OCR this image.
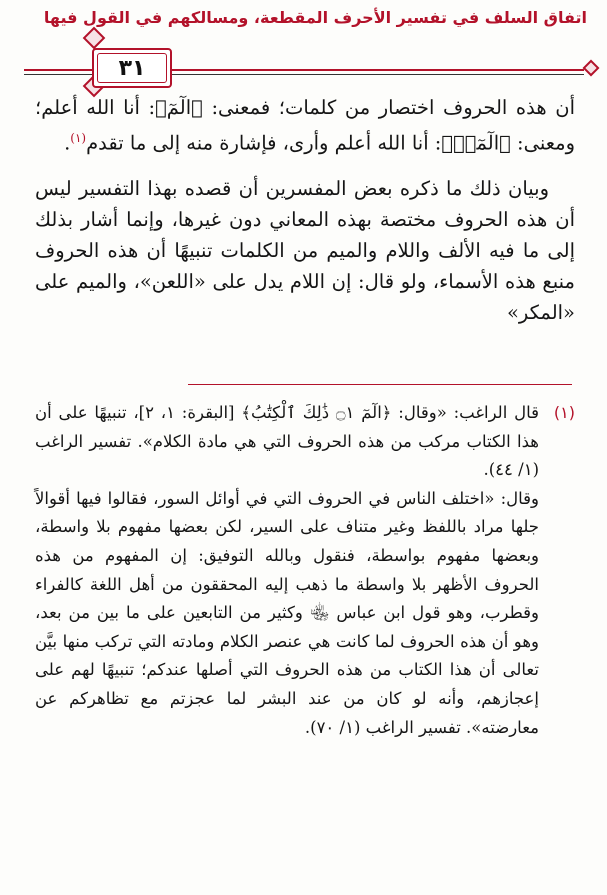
اتفاق السلف في تفسير الأحرف المقطعة، ومسالكهم في القول فيها
٣١

أن هذه الحروف اختصار من كلمات؛ فمعنى: ﴿الٓمٓ﴾: أنا الله أعلم؛ ومعنى: ﴿الٓمٓرۚ﴾: أنا الله أعلم وأرى، فإشارة منه إلى ما تقدم$^{(١)}$.

وبيان ذلك ما ذكره بعض المفسرين أن قصده بهذا التفسير ليس أن هذه الحروف مختصة بهذه المعاني دون غيرها، وإنما أشار بذلك إلى ما فيه الألف واللام والميم من الكلمات تنبيهًا أن هذه الحروف منبع هذه الأسماء، ولو قال: إن اللام يدل على «اللعن»، والميم على «المكر»

(١)

قال الراغب: «وقال: ﴿الٓمٓ ۝١ ذَٰلِكَ ٱلْكِتَٰبُ﴾ [البقرة: ١، ٢]، تنبيهًا على أن هذا الكتاب مركب من هذه الحروف التي هي مادة الكلام». تفسير الراغب (١/ ٤٤).

وقال: «اختلف الناس في الحروف التي في أوائل السور، فقالوا فيها أقوالاً جلها مراد باللفظ وغير متناف على السير، لكن بعضها مفهوم بلا واسطة، وبعضها مفهوم بواسطة، فنقول وبالله التوفيق: إن المفهوم من هذه الحروف الأظهر بلا واسطة ما ذهب إليه المحققون من أهل اللغة كالفراء وقطرب، وهو قول ابن عباس ﵄ وكثير من التابعين على ما بين من بعد، وهو أن هذه الحروف لما كانت هي عنصر الكلام ومادته التي تركب منها بيَّن تعالى أن هذا الكتاب من هذه الحروف التي أصلها عندكم؛ تنبيهًا لهم على إعجازهم، وأنه لو كان من عند البشر لما عجزتم مع تظاهركم عن معارضته». تفسير الراغب (١/ ٧٠).
